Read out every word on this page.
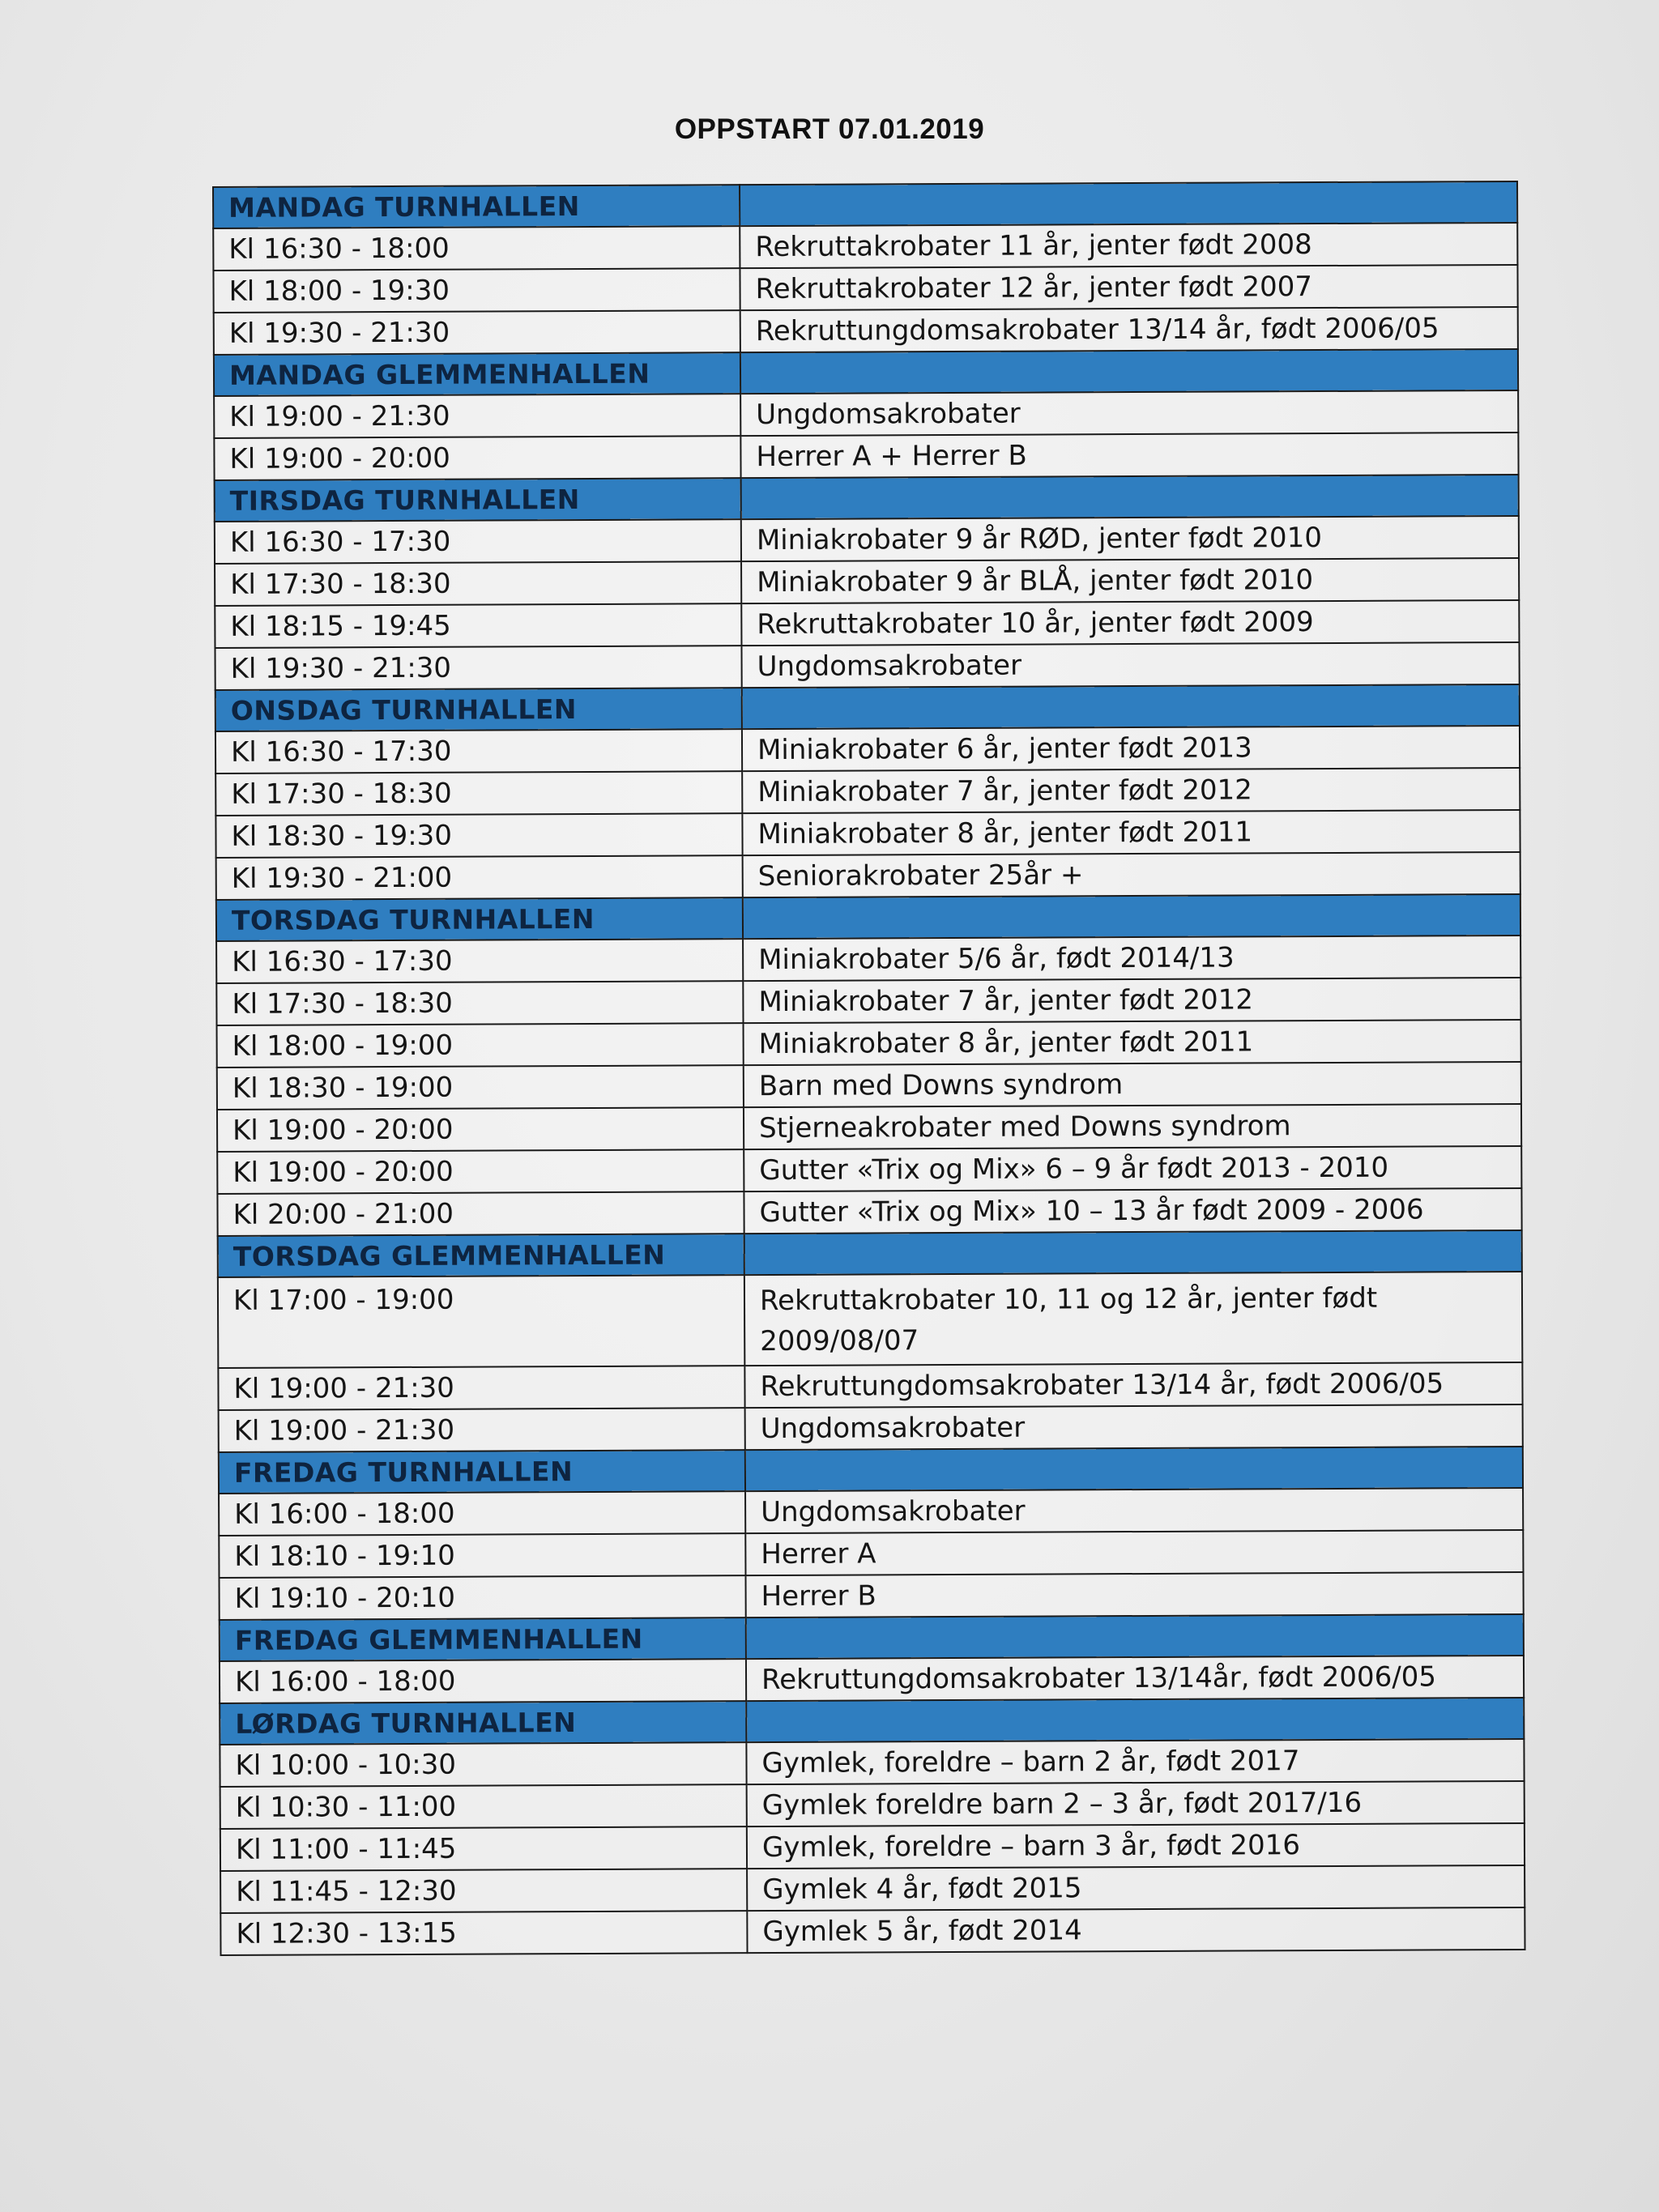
OPPSTART 07.01.2019
MANDAG TURNHALLEN	
Kl 16:30 - 18:00	Rekruttakrobater 11 år, jenter født 2008
Kl 18:00 - 19:30	Rekruttakrobater 12 år, jenter født 2007
Kl 19:30 - 21:30	Rekruttungdomsakrobater 13/14 år, født 2006/05
MANDAG GLEMMENHALLEN	
Kl 19:00 - 21:30	Ungdomsakrobater
Kl 19:00 - 20:00	Herrer A + Herrer B
TIRSDAG TURNHALLEN	
Kl 16:30 - 17:30	Miniakrobater 9 år RØD, jenter født 2010
Kl 17:30 - 18:30	Miniakrobater 9 år BLÅ, jenter født 2010
Kl 18:15 - 19:45	Rekruttakrobater 10 år, jenter født 2009
Kl 19:30 - 21:30	Ungdomsakrobater
ONSDAG TURNHALLEN	
Kl 16:30 - 17:30	Miniakrobater 6 år, jenter født 2013
Kl 17:30 - 18:30	Miniakrobater 7 år, jenter født 2012
Kl 18:30 - 19:30	Miniakrobater 8 år, jenter født 2011
Kl 19:30 - 21:00	Seniorakrobater 25år +
TORSDAG TURNHALLEN	
Kl 16:30 - 17:30	Miniakrobater 5/6 år, født 2014/13
Kl 17:30 - 18:30	Miniakrobater 7 år, jenter født 2012
Kl 18:00 - 19:00	Miniakrobater 8 år, jenter født 2011
Kl 18:30 - 19:00	Barn med Downs syndrom
Kl 19:00 - 20:00	Stjerneakrobater med Downs syndrom
Kl 19:00 - 20:00	Gutter «Trix og Mix» 6 – 9 år født 2013 - 2010
Kl 20:00 - 21:00	Gutter «Trix og Mix» 10 – 13 år født 2009 - 2006
TORSDAG GLEMMENHALLEN	
Kl 17:00 - 19:00	Rekruttakrobater 10, 11 og 12 år, jenter født 2009/08/07
Kl 19:00 - 21:30	Rekruttungdomsakrobater 13/14 år, født 2006/05
Kl 19:00 - 21:30	Ungdomsakrobater
FREDAG TURNHALLEN	
Kl 16:00 - 18:00	Ungdomsakrobater
Kl 18:10 - 19:10	Herrer A
Kl 19:10 - 20:10	Herrer B
FREDAG GLEMMENHALLEN	
Kl 16:00 - 18:00	Rekruttungdomsakrobater 13/14år, født 2006/05
LØRDAG TURNHALLEN	
Kl 10:00 - 10:30	Gymlek, foreldre – barn 2 år, født 2017
Kl 10:30 - 11:00	Gymlek foreldre barn 2 – 3 år, født 2017/16
Kl 11:00 - 11:45	Gymlek, foreldre – barn 3 år, født 2016
Kl 11:45 - 12:30	Gymlek 4 år, født 2015
Kl 12:30 - 13:15	Gymlek 5 år, født 2014
